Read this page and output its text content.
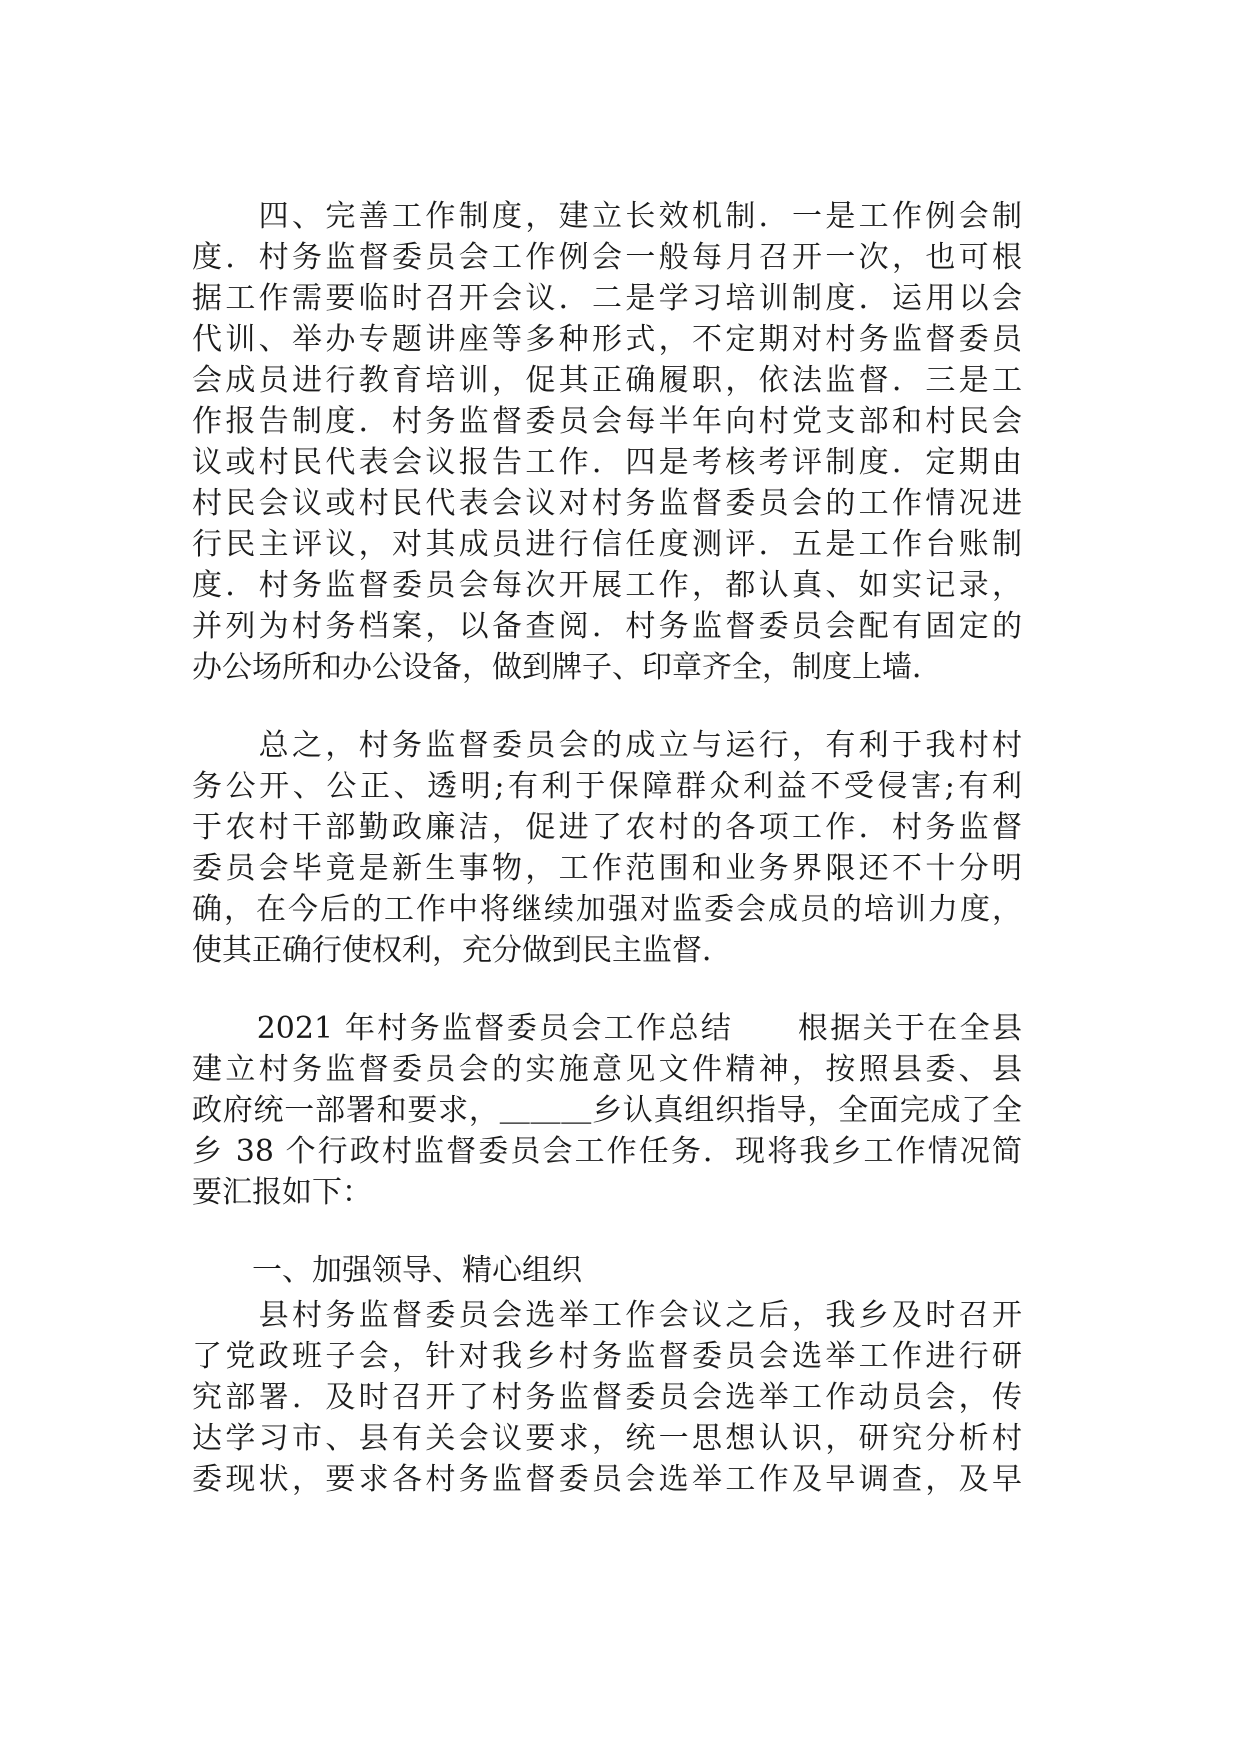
　　四、完善工作制度，建立长效机制．一是工作例会制
度．村务监督委员会工作例会一般每月召开一次，也可根
据工作需要临时召开会议．二是学习培训制度．运用以会
代训、举办专题讲座等多种形式，不定期对村务监督委员
会成员进行教育培训，促其正确履职，依法监督．三是工
作报告制度．村务监督委员会每半年向村党支部和村民会
议或村民代表会议报告工作．四是考核考评制度．定期由
村民会议或村民代表会议对村务监督委员会的工作情况进
行民主评议，对其成员进行信任度测评．五是工作台账制
度．村务监督委员会每次开展工作，都认真、如实记录，
并列为村务档案，以备查阅．村务监督委员会配有固定的
办公场所和办公设备，做到牌子、印章齐全，制度上墙．
　　总之，村务监督委员会的成立与运行，有利于我村村
务公开、公正、透明;有利于保障群众利益不受侵害;有利
于农村干部勤政廉洁，促进了农村的各项工作．村务监督
委员会毕竟是新生事物，工作范围和业务界限还不十分明
确，在今后的工作中将继续加强对监委会成员的培训力度，
使其正确行使权利，充分做到民主监督．
　　2021 年村务监督委员会工作总结　　根据关于在全县
建立村务监督委员会的实施意见文件精神，按照县委、县
政府统一部署和要求，＿＿＿乡认真组织指导，全面完成了全
乡 38 个行政村监督委员会工作任务．现将我乡工作情况简
要汇报如下：
　　一、加强领导、精心组织
　　县村务监督委员会选举工作会议之后，我乡及时召开
了党政班子会，针对我乡村务监督委员会选举工作进行研
究部署．及时召开了村务监督委员会选举工作动员会，传
达学习市、县有关会议要求，统一思想认识，研究分析村
委现状，要求各村务监督委员会选举工作及早调查，及早
